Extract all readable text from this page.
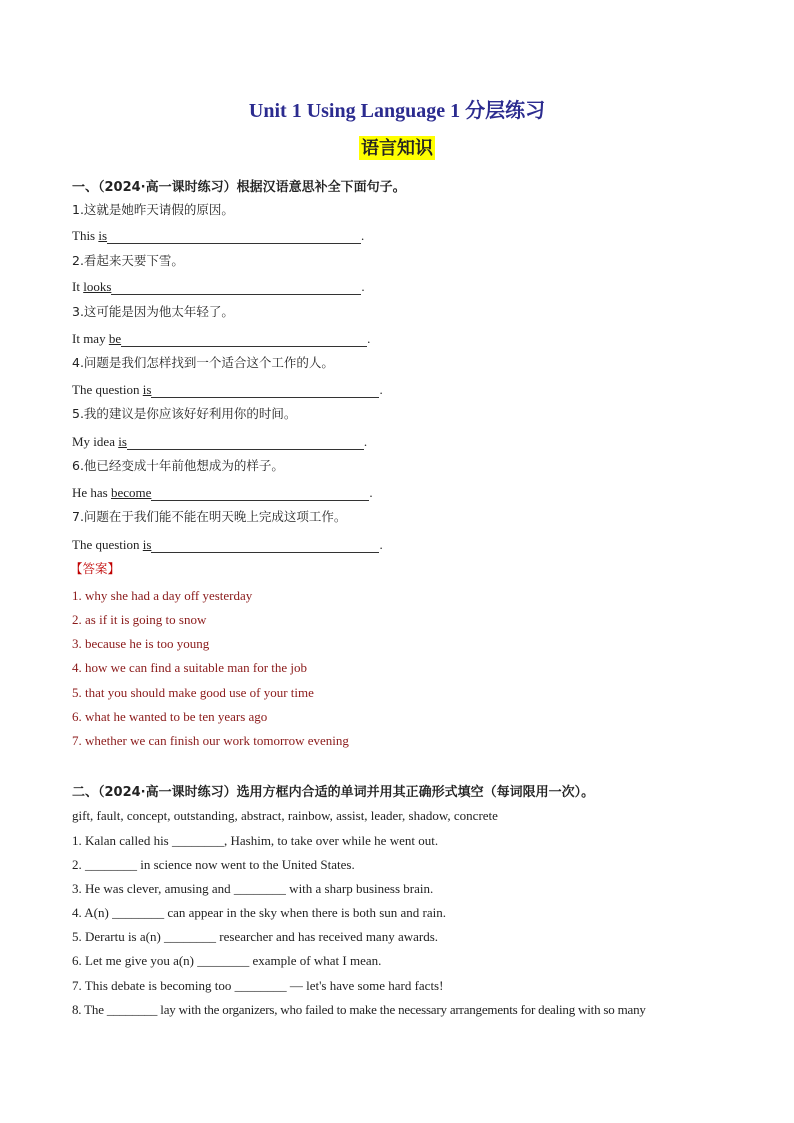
Unit 1 Using Language 1 分层练习
语言知识
一、（2024·高一课时练习）根据汉语意思补全下面句子。
1.这就是她昨天请假的原因。
This is	.
2.看起来天要下雪。
It looks	.
3.这可能是因为他太年轻了。
It may be	.
4.问题是我们怎样找到一个适合这个工作的人。
The question is	.
5.我的建议是你应该好好利用你的时间。
My idea is	.
6.他已经变成十年前他想成为的样子。
He has become	.
7.问题在于我们能不能在明天晚上完成这项工作。
The question is	.
【答案】
1. why she had a day off yesterday
2. as if it is going to snow
3. because he is too young
4. how we can find a suitable man for the job
5. that you should make good use of your time
6. what he wanted to be ten years ago
7. whether we can finish our work tomorrow evening
二、（2024·高一课时练习）选用方框内合适的单词并用其正确形式填空（每词限用一次）。
gift, fault, concept, outstanding, abstract, rainbow, assist, leader, shadow, concrete
1. Kalan called his ________, Hashim, to take over while he went out.
2. ________ in science now went to the United States.
3. He was clever, amusing and ________ with a sharp business brain.
4. A(n) ________ can appear in the sky when there is both sun and rain.
5. Derartu is a(n) ________ researcher and has received many awards.
6. Let me give you a(n) ________ example of what I mean.
7. This debate is becoming too ________ — let's have some hard facts!
8. The ________ lay with the organizers, who failed to make the necessary arrangements for dealing with so many
